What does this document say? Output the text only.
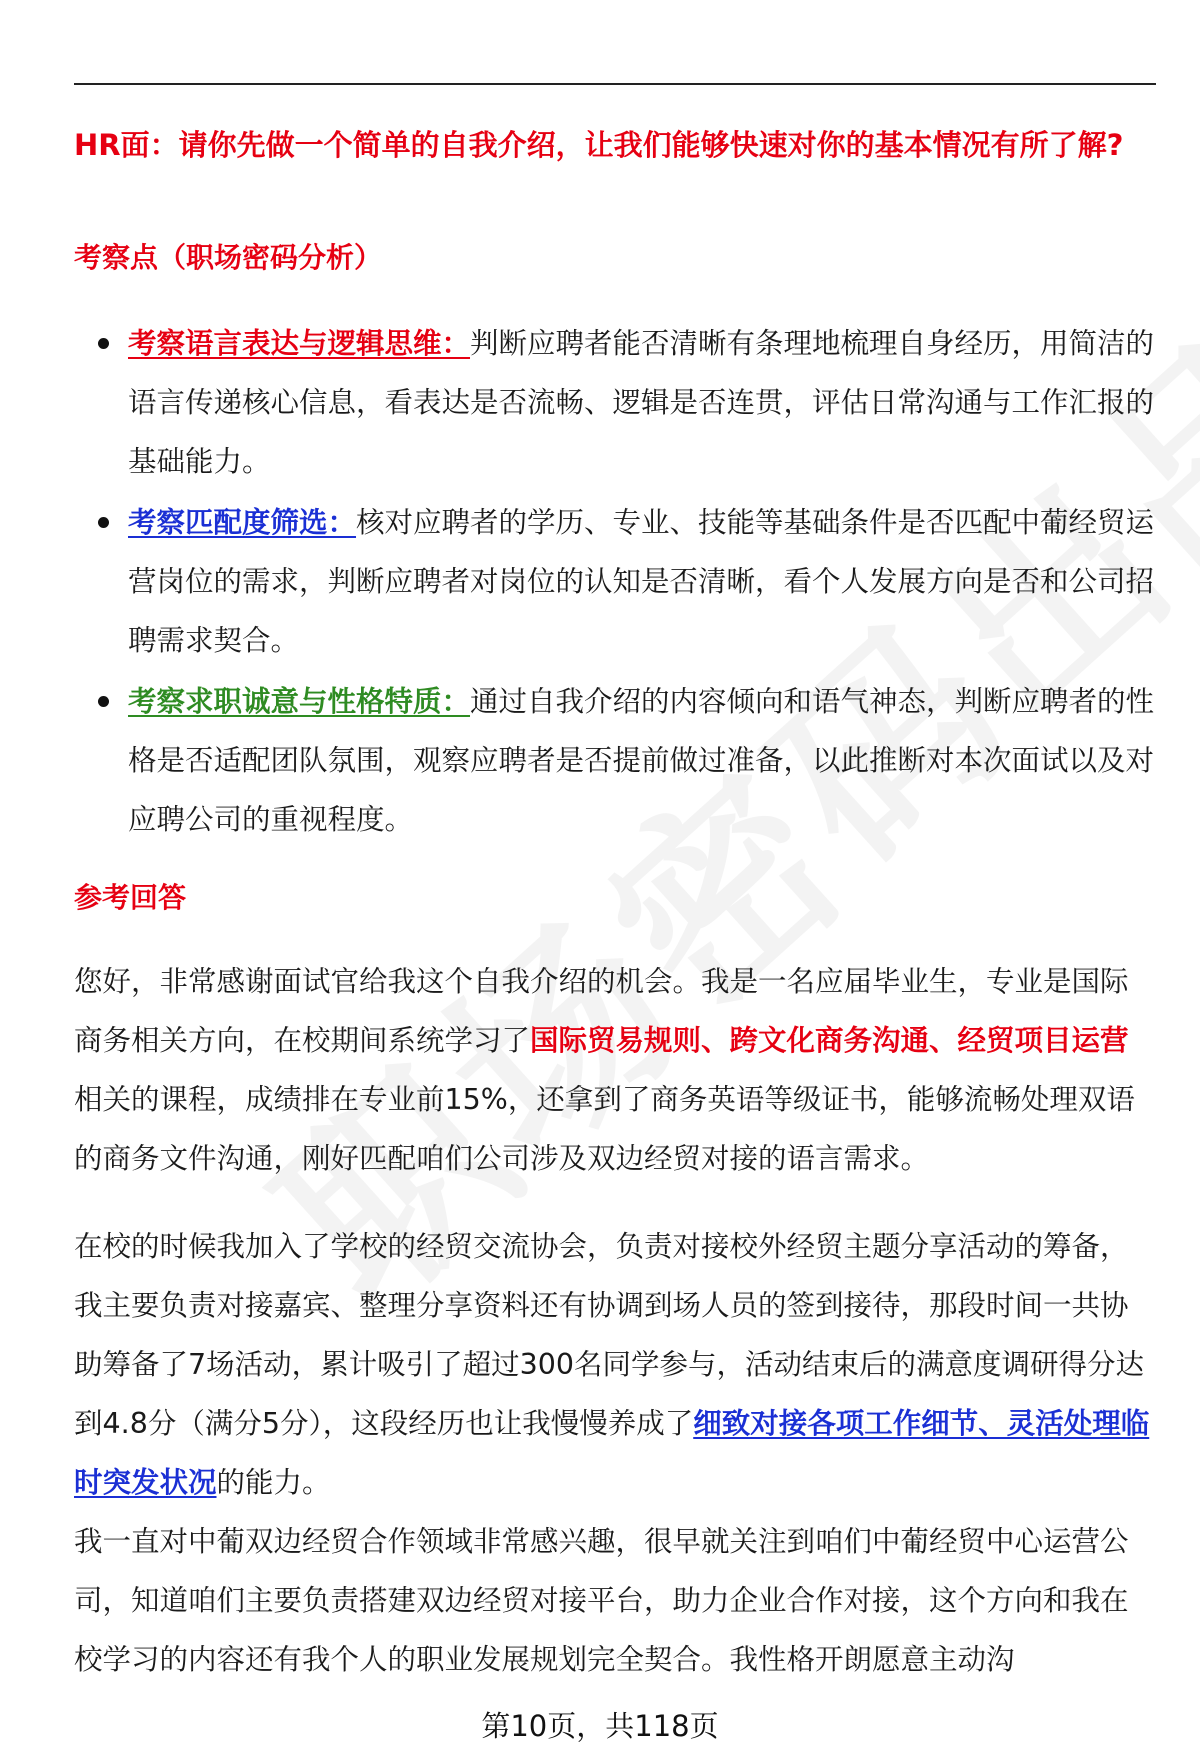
HR面：请你先做一个简单的自我介绍，让我们能够快速对你的基本情况有所了解?
考察点（职场密码分析）
考察语言表达与逻辑思维：判断应聘者能否清晰有条理地梳理自身经历，用简洁的语言传递核心信息，看表达是否流畅、逻辑是否连贯，评估日常沟通与工作汇报的基础能力。
考察匹配度筛选：核对应聘者的学历、专业、技能等基础条件是否匹配中葡经贸运营岗位的需求，判断应聘者对岗位的认知是否清晰，看个人发展方向是否和公司招聘需求契合。
考察求职诚意与性格特质：通过自我介绍的内容倾向和语气神态，判断应聘者的性格是否适配团队氛围，观察应聘者是否提前做过准备，以此推断对本次面试以及对应聘公司的重视程度。
参考回答

您好，非常感谢面试官给我这个自我介绍的机会。我是一名应届毕业生，专业是国际商务相关方向，在校期间系统学习了国际贸易规则、跨文化商务沟通、经贸项目运营相关的课程，成绩排在专业前15%，还拿到了商务英语等级证书，能够流畅处理双语的商务文件沟通，刚好匹配咱们公司涉及双边经贸对接的语言需求。

在校的时候我加入了学校的经贸交流协会，负责对接校外经贸主题分享活动的筹备，我主要负责对接嘉宾、整理分享资料还有协调到场人员的签到接待，那段时间一共协助筹备了7场活动，累计吸引了超过300名同学参与，活动结束后的满意度调研得分达到4.8分（满分5分），这段经历也让我慢慢养成了细致对接各项工作细节、灵活处理临时突发状况的能力。

我一直对中葡双边经贸合作领域非常感兴趣，很早就关注到咱们中葡经贸中心运营公司，知道咱们主要负责搭建双边经贸对接平台，助力企业合作对接，这个方向和我在校学习的内容还有我个人的职业发展规划完全契合。我性格开朗愿意主动沟

第10页，共118页
